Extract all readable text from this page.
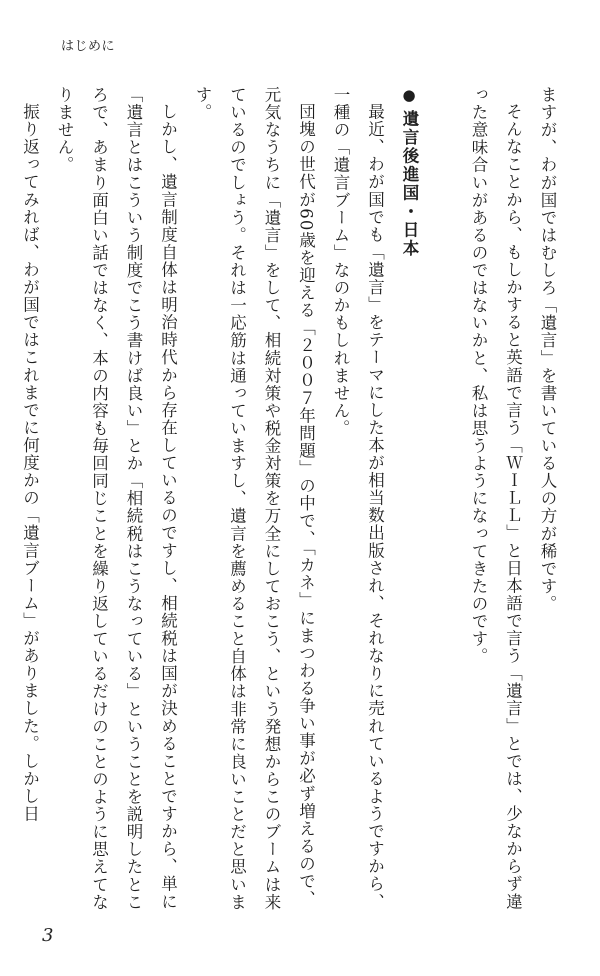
はじめに

ますが、わが国ではむしろ「遺言」を書いている人の方が稀です。

そんなことから、もしかすると英語で言う「ＷＩＬＬ」と日本語で言う「遺言」とでは、少なからず違った意味合いがあるのではないかと、私は思うようになってきたのです。

●遺言後進国・日本

最近、わが国でも「遺言」をテーマにした本が相当数出版され、それなりに売れているようですから、一種の「遺言ブーム」なのかもしれません。

団塊の世代が60歳を迎える「２００７年問題」の中で、「カネ」にまつわる争い事が必ず増えるので、元気なうちに「遺言」をして、相続対策や税金対策を万全にしておこう、という発想からこのブームは来ているのでしょう。それは一応筋は通っていますし、遺言を薦めること自体は非常に良いことだと思います。

しかし、遺言制度自体は明治時代から存在しているのですし、相続税は国が決めることですから、単に「遺言とはこういう制度でこう書けば良い」とか「相続税はこうなっている」ということを説明したところで、あまり面白い話ではなく、本の内容も毎回同じことを繰り返しているだけのことのように思えてなりません。

振り返ってみれば、わが国ではこれまでに何度かの「遺言ブーム」がありました。しかし日

3
